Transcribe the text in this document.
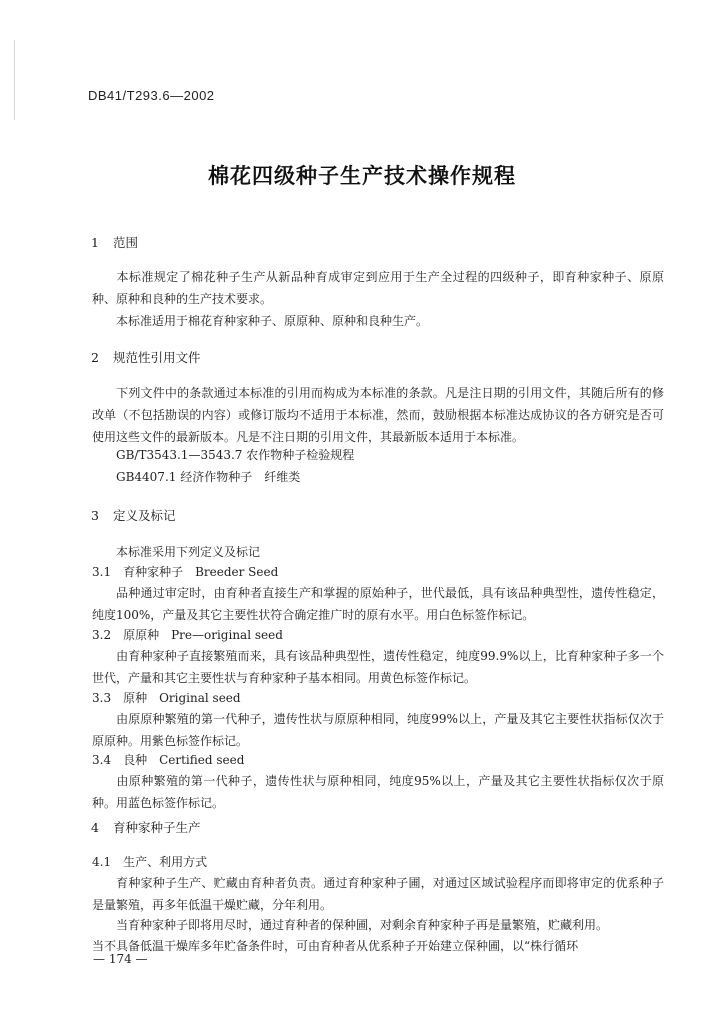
DB41/T293.6—2002
棉花四级种子生产技术操作规程
1 范围
本标准规定了棉花种子生产从新品种育成审定到应用于生产全过程的四级种子，即育种家种子、原原种、原种和良种的生产技术要求。
本标准适用于棉花育种家种子、原原种、原种和良种生产。
2 规范性引用文件
下列文件中的条款通过本标准的引用而构成为本标准的条款。凡是注日期的引用文件，其随后所有的修改单（不包括勘误的内容）或修订版均不适用于本标准，然而，鼓励根据本标准达成协议的各方研究是否可使用这些文件的最新版本。凡是不注日期的引用文件，其最新版本适用于本标准。
GB/T3543.1—3543.7 农作物种子检验规程
GB4407.1 经济作物种子　纤维类
3 定义及标记
本标准采用下列定义及标记
3.1　育种家种子　Breeder Seed
品种通过审定时，由育种者直接生产和掌握的原始种子，世代最低，具有该品种典型性，遗传性稳定，纯度100%，产量及其它主要性状符合确定推广时的原有水平。用白色标签作标记。
3.2　原原种　Pre—original seed
由育种家种子直接繁殖而来，具有该品种典型性，遗传性稳定，纯度99.9%以上，比育种家种子多一个世代，产量和其它主要性状与育种家种子基本相同。用黄色标签作标记。
3.3　原种　Original seed
由原原种繁殖的第一代种子，遗传性状与原原种相同，纯度99%以上，产量及其它主要性状指标仅次于原原种。用紫色标签作标记。
3.4　良种　Certified seed
由原种繁殖的第一代种子，遗传性状与原种相同，纯度95%以上，产量及其它主要性状指标仅次于原种。用蓝色标签作标记。
4 育种家种子生产
4.1　生产、利用方式
育种家种子生产、贮藏由育种者负责。通过育种家种子圃，对通过区域试验程序而即将审定的优系种子是量繁殖，再多年低温干燥贮藏，分年利用。
当育种家种子即将用尽时，通过育种者的保种圃，对剩余育种家种子再是量繁殖，贮藏利用。
当不具备低温干燥库多年贮备条件时，可由育种者从优系种子开始建立保种圃，以“株行循环
— 174 —
